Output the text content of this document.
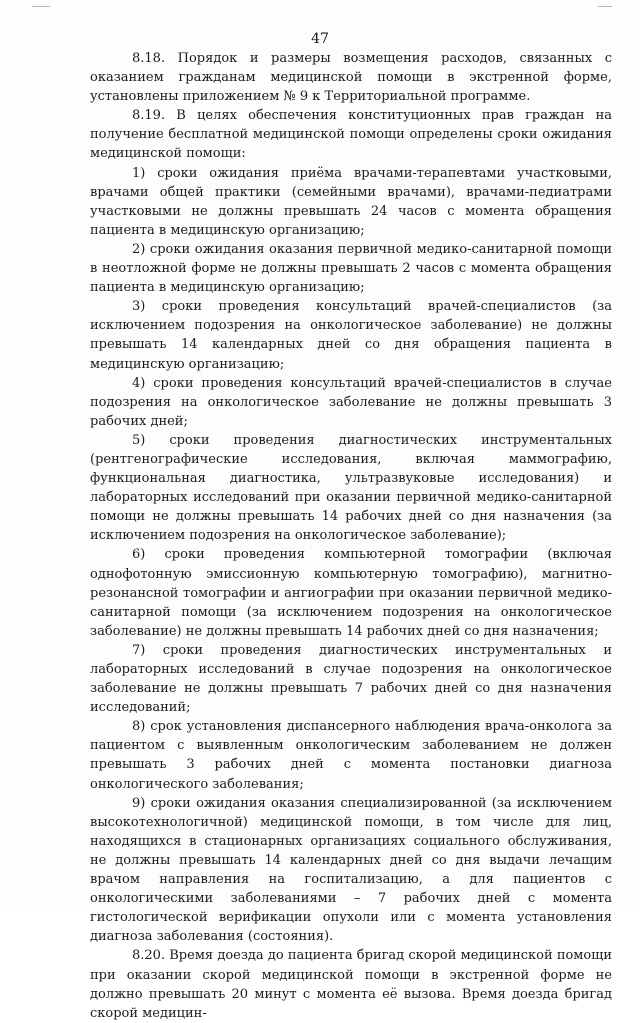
47

8.18. Порядок и размеры возмещения расходов, связанных с оказанием гражданам медицинской помощи в экстренной форме, установлены приложением № 9 к Территориальной программе.

8.19. В целях обеспечения конституционных прав граждан на получение бесплатной медицинской помощи определены сроки ожидания медицинской помощи:

1) сроки ожидания приёма врачами-терапевтами участковыми, врачами общей практики (семейными врачами), врачами-педиатрами участковыми не должны превышать 24 часов с момента обращения пациента в медицинскую организацию;

2) сроки ожидания оказания первичной медико-санитарной помощи в неотложной форме не должны превышать 2 часов с момента обращения пациента в медицинскую организацию;

3) сроки проведения консультаций врачей-специалистов (за исключением подозрения на онкологическое заболевание) не должны превышать 14 календарных дней со дня обращения пациента в медицинскую организацию;

4) сроки проведения консультаций врачей-специалистов в случае подозрения на онкологическое заболевание не должны превышать 3 рабочих дней;

5) сроки проведения диагностических инструментальных (рентгенографические исследования, включая маммографию, функциональная диагностика, ультразвуковые исследования) и лабораторных исследований при оказании первичной медико-санитарной помощи не должны превышать 14 рабочих дней со дня назначения (за исключением подозрения на онкологическое заболевание);

6) сроки проведения компьютерной томографии (включая однофотонную эмиссионную компьютерную томографию), магнитно-резонансной томографии и ангиографии при оказании первичной медико-санитарной помощи (за исключением подозрения на онкологическое заболевание) не должны превышать 14 рабочих дней со дня назначения;

7) сроки проведения диагностических инструментальных и лабораторных исследований в случае подозрения на онкологическое заболевание не должны превышать 7 рабочих дней со дня назначения исследований;

8) срок установления диспансерного наблюдения врача-онколога за пациентом с выявленным онкологическим заболеванием не должен превышать 3 рабочих дней с момента постановки диагноза онкологического заболевания;

9) сроки ожидания оказания специализированной (за исключением высокотехнологичной) медицинской помощи, в том числе для лиц, находящихся в стационарных организациях социального обслуживания, не должны превышать 14 календарных дней со дня выдачи лечащим врачом направления на госпитализацию, а для пациентов с онкологическими заболеваниями – 7 рабочих дней с момента гистологической верификации опухоли или с момента установления диагноза заболевания (состояния).

8.20. Время доезда до пациента бригад скорой медицинской помощи при оказании скорой медицинской помощи в экстренной форме не должно превышать 20 минут с момента её вызова. Время доезда бригад скорой медицин-
